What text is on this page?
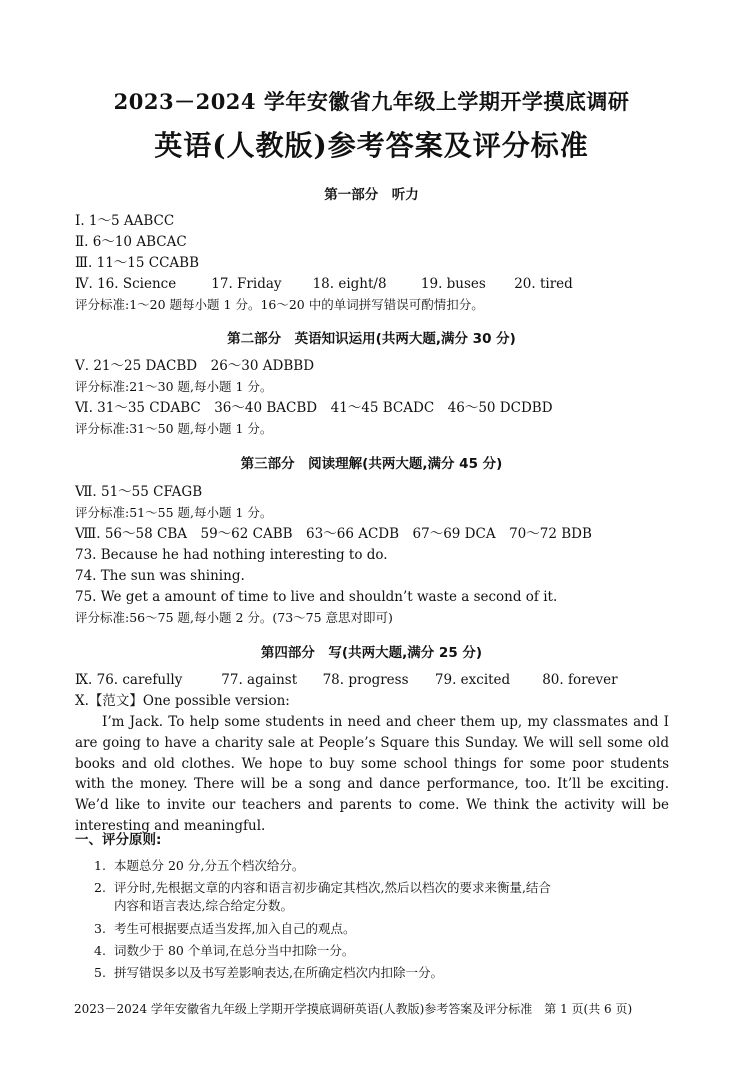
2023－2024 学年安徽省九年级上学期开学摸底调研
英语(人教版)参考答案及评分标准
第一部分　听力
Ⅰ. 1～5 AABCC
Ⅱ. 6～10 ABCAC
Ⅲ. 11～15 CCABB
Ⅳ. 16. Science	17. Friday 18. eight/8	19. buses 20. tired
评分标准:1～20 题每小题 1 分。16～20 中的单词拼写错误可酌情扣分。
第二部分　英语知识运用(共两大题,满分 30 分)
Ⅴ. 21～25 DACBD　26～30 ADBBD
评分标准:21～30 题,每小题 1 分。
Ⅵ. 31～35 CDABC　36～40 BACBD　41～45 BCADC　46～50 DCDBD
评分标准:31～50 题,每小题 1 分。
第三部分　阅读理解(共两大题,满分 45 分)
Ⅶ. 51～55 CFAGB
评分标准:51～55 题,每小题 1 分。
Ⅷ. 56～58 CBA　59～62 CABB　63～66 ACDB　67～69 DCA　70～72 BDB
73. Because he had nothing interesting to do.
74. The sun was shining.
75. We get a amount of time to live and shouldn’t waste a second of it.
评分标准:56～75 题,每小题 2 分。(73～75 意思对即可)
第四部分　写(共两大题,满分 25 分)
Ⅸ. 76. carefully	77. against 78. progress 79. excited 80. forever
Ⅹ.【范文】One possible version:
I’m Jack. To help some students in need and cheer them up, my classmates and I are going to have a charity sale at People’s Square this Sunday. We will sell some old books and old clothes. We hope to buy some school things for some poor students with the money. There will be a song and dance performance, too. It’ll be exciting. We’d like to invite our teachers and parents to come. We think the activity will be interesting and meaningful.
一、评分原则:
1. 本题总分 20 分,分五个档次给分。
2. 评分时,先根据文章的内容和语言初步确定其档次,然后以档次的要求来衡量,结合
内容和语言表达,综合给定分数。
3. 考生可根据要点适当发挥,加入自己的观点。
4. 词数少于 80 个单词,在总分当中扣除一分。
5. 拼写错误多以及书写差影响表达,在所确定档次内扣除一分。
2023－2024 学年安徽省九年级上学期开学摸底调研英语(人教版)参考答案及评分标准　第 1 页(共 6 页)
